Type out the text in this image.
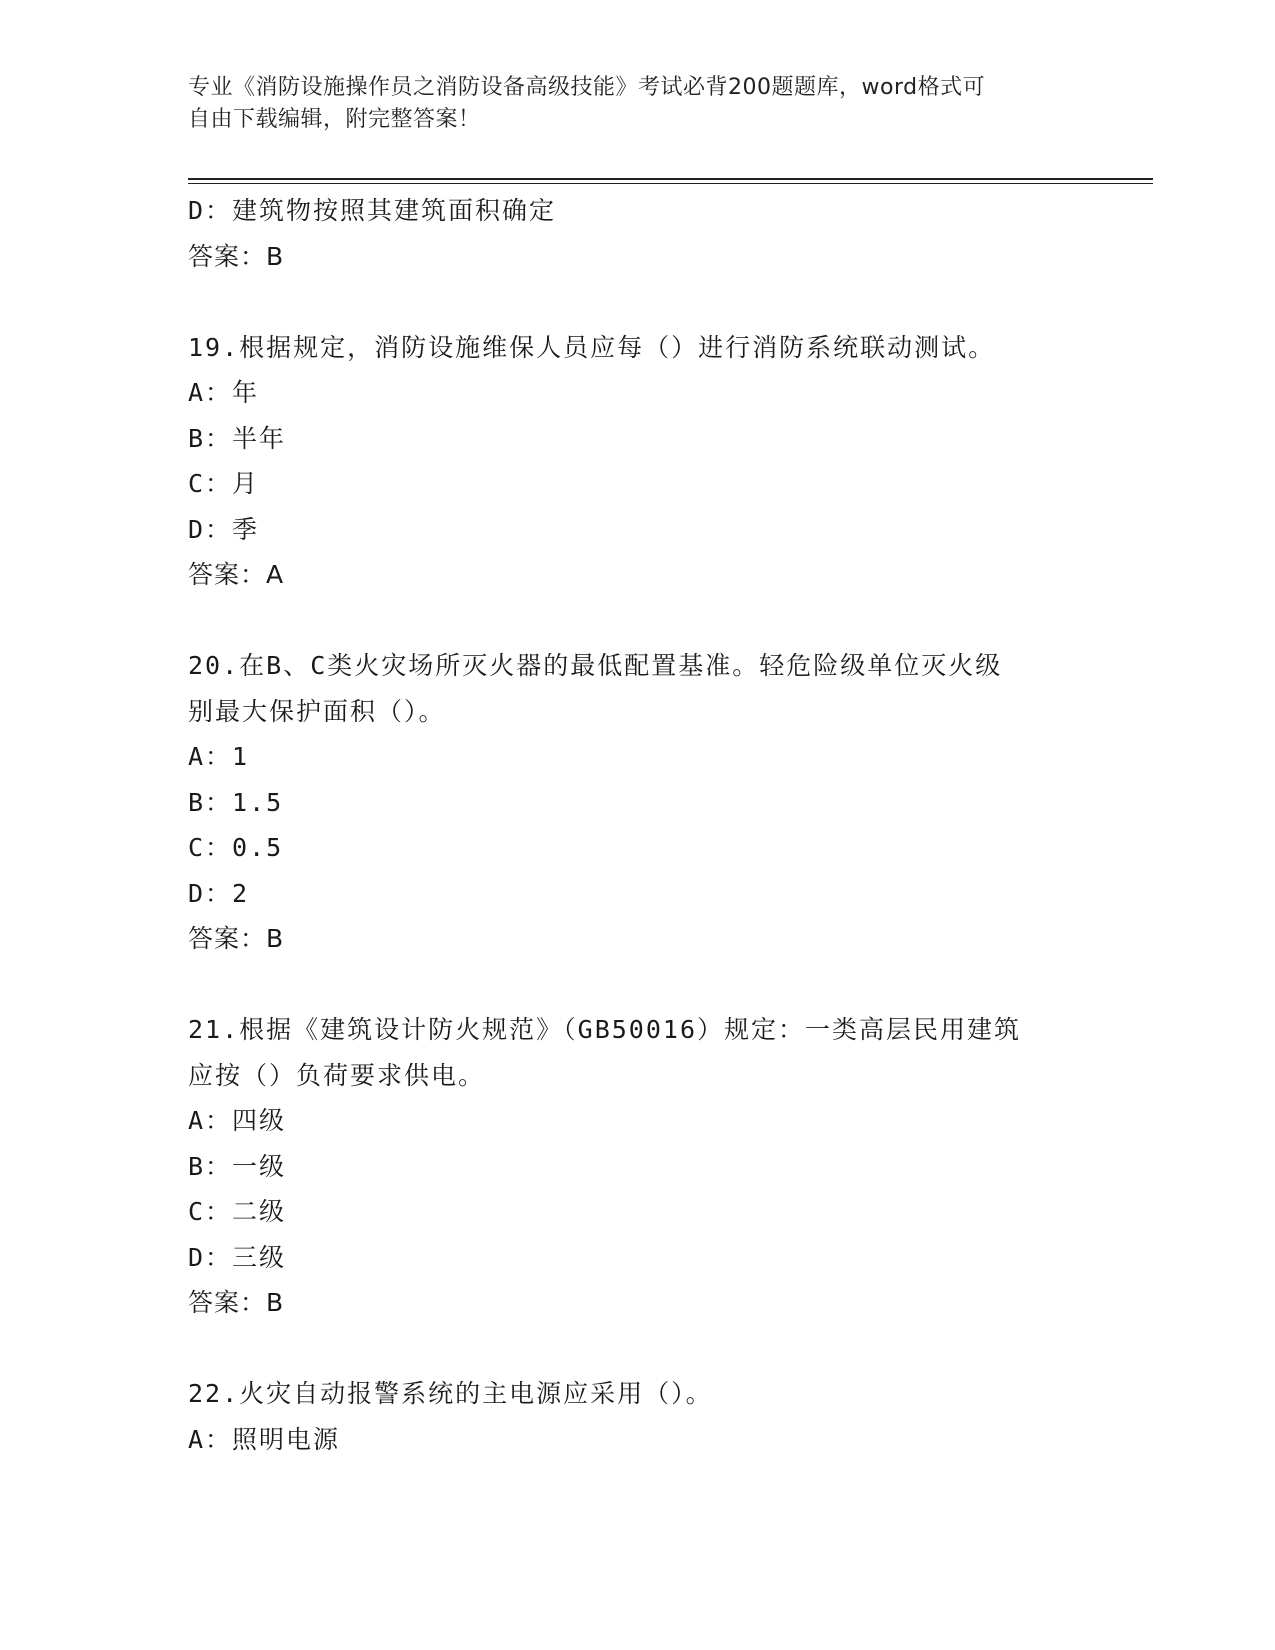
专业《消防设施操作员之消防设备高级技能》考试必背200题题库，word格式可
自由下载编辑，附完整答案！
D：建筑物按照其建筑面积确定
答案：B
19.根据规定，消防设施维保人员应每（）进行消防系统联动测试。
A：年
B：半年
C：月
D：季
答案：A
20.在B、C类火灾场所灭火器的最低配置基准。轻危险级单位灭火级
别最大保护面积（）。
A：1
B：1.5
C：0.5
D：2
答案：B
21.根据《建筑设计防火规范》（GB50016）规定：一类高层民用建筑
应按（）负荷要求供电。
A：四级
B：一级
C：二级
D：三级
答案：B
22.火灾自动报警系统的主电源应采用（）。
A：照明电源
